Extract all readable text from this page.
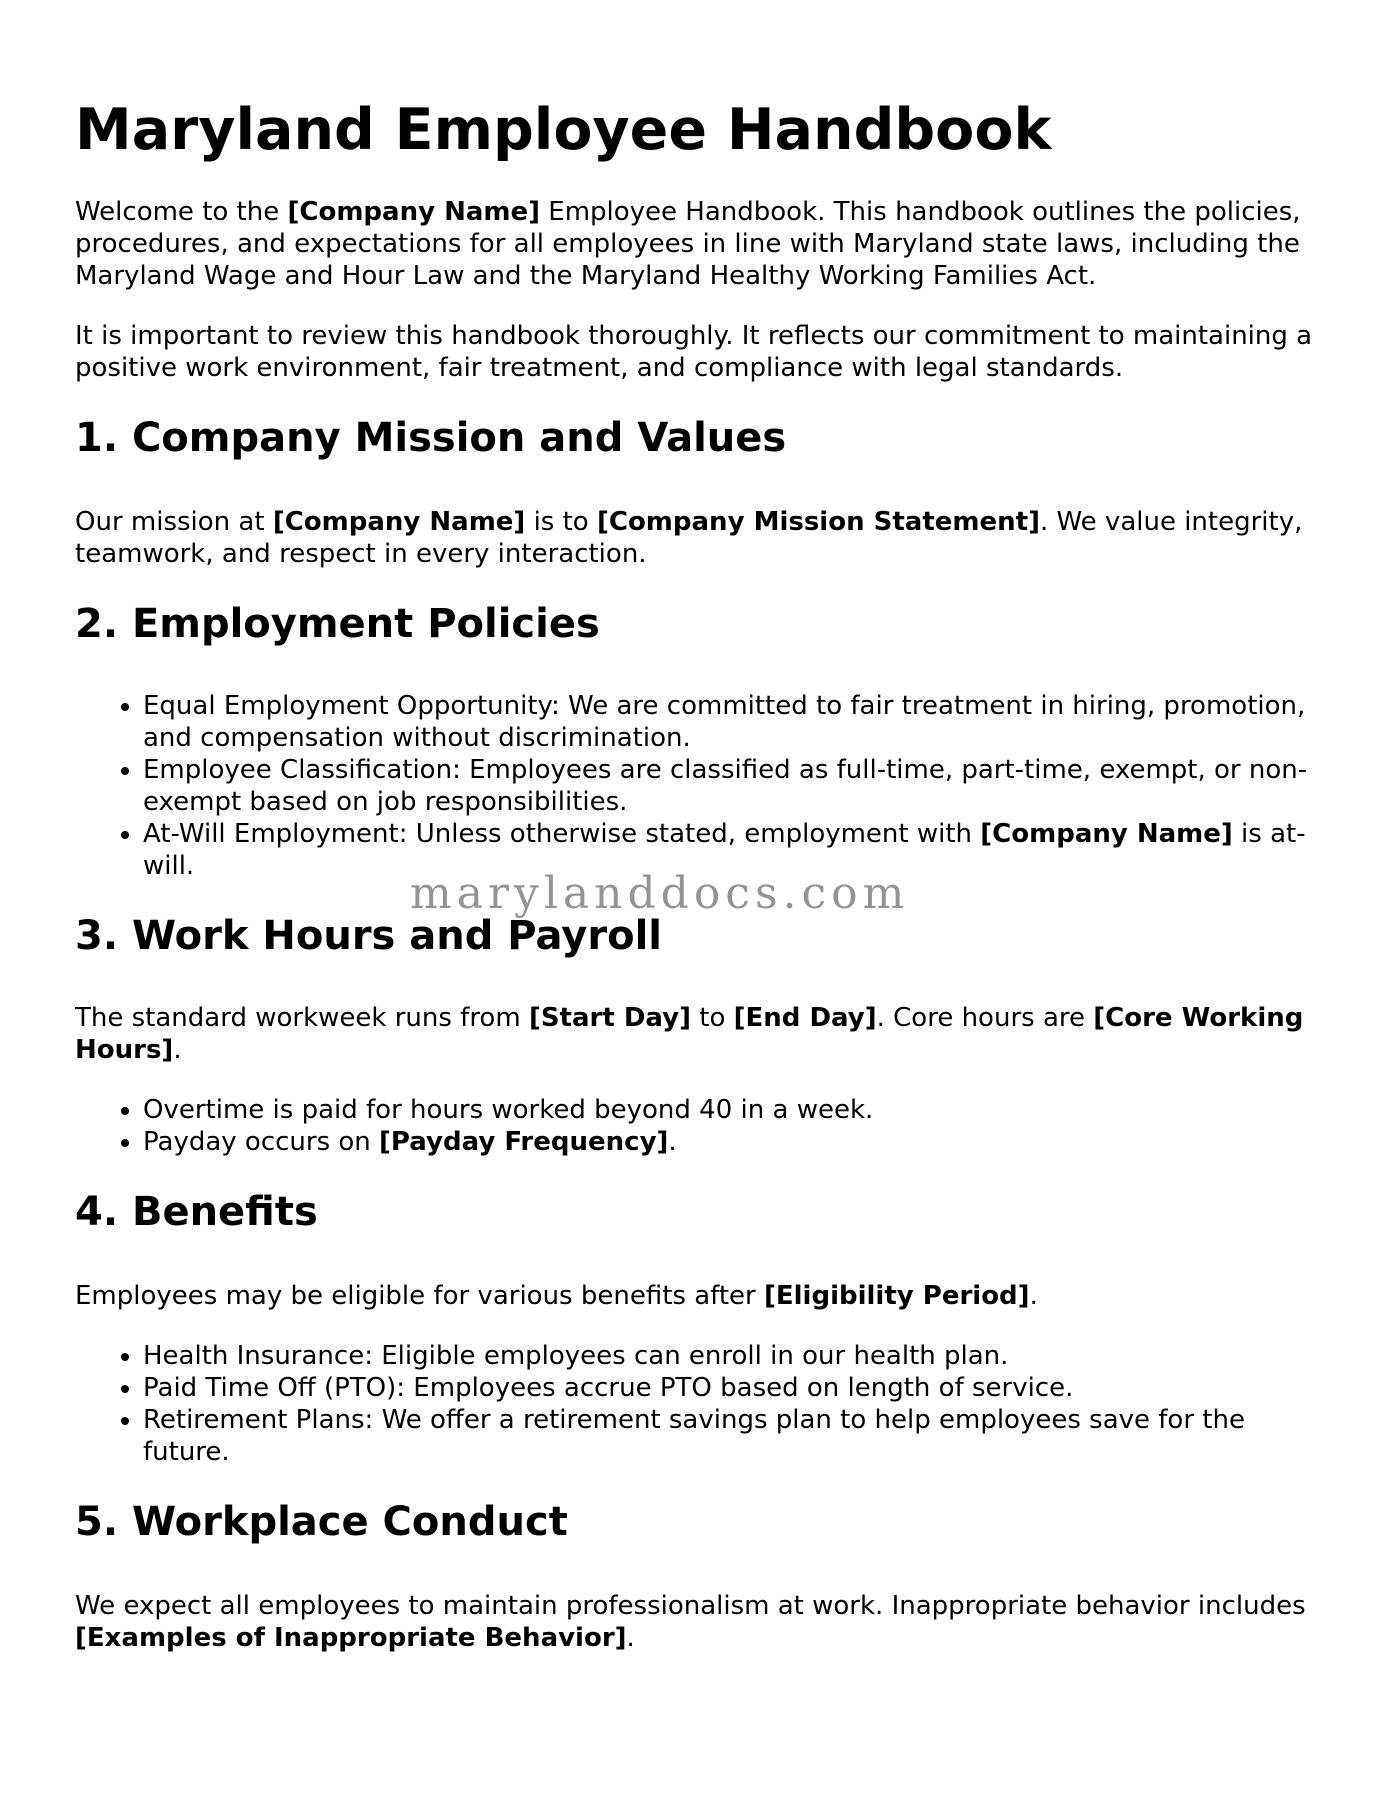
Maryland Employee Handbook

Welcome to the [Company Name] Employee Handbook. This handbook outlines the policies, procedures, and expectations for all employees in line with Maryland state laws, including the Maryland Wage and Hour Law and the Maryland Healthy Working Families Act.

It is important to review this handbook thoroughly. It reflects our commitment to maintaining a positive work environment, fair treatment, and compliance with legal standards.

1. Company Mission and Values

Our mission at [Company Name] is to [Company Mission Statement]. We value integrity, teamwork, and respect in every interaction.

2. Employment Policies
• Equal Employment Opportunity: We are committed to fair treatment in hiring, promotion, and compensation without discrimination.
• Employee Classification: Employees are classified as full-time, part-time, exempt, or non-exempt based on job responsibilities.
• At-Will Employment: Unless otherwise stated, employment with [Company Name] is at-will.
3. Work Hours and Payroll

The standard workweek runs from [Start Day] to [End Day]. Core hours are [Core Working Hours].

• Overtime is paid for hours worked beyond 40 in a week.
• Payday occurs on [Payday Frequency].
4. Benefits

Employees may be eligible for various benefits after [Eligibility Period].

• Health Insurance: Eligible employees can enroll in our health plan.
• Paid Time Off (PTO): Employees accrue PTO based on length of service.
• Retirement Plans: We offer a retirement savings plan to help employees save for the future.
5. Workplace Conduct

We expect all employees to maintain professionalism at work. Inappropriate behavior includes [Examples of Inappropriate Behavior].

marylanddocs.com
